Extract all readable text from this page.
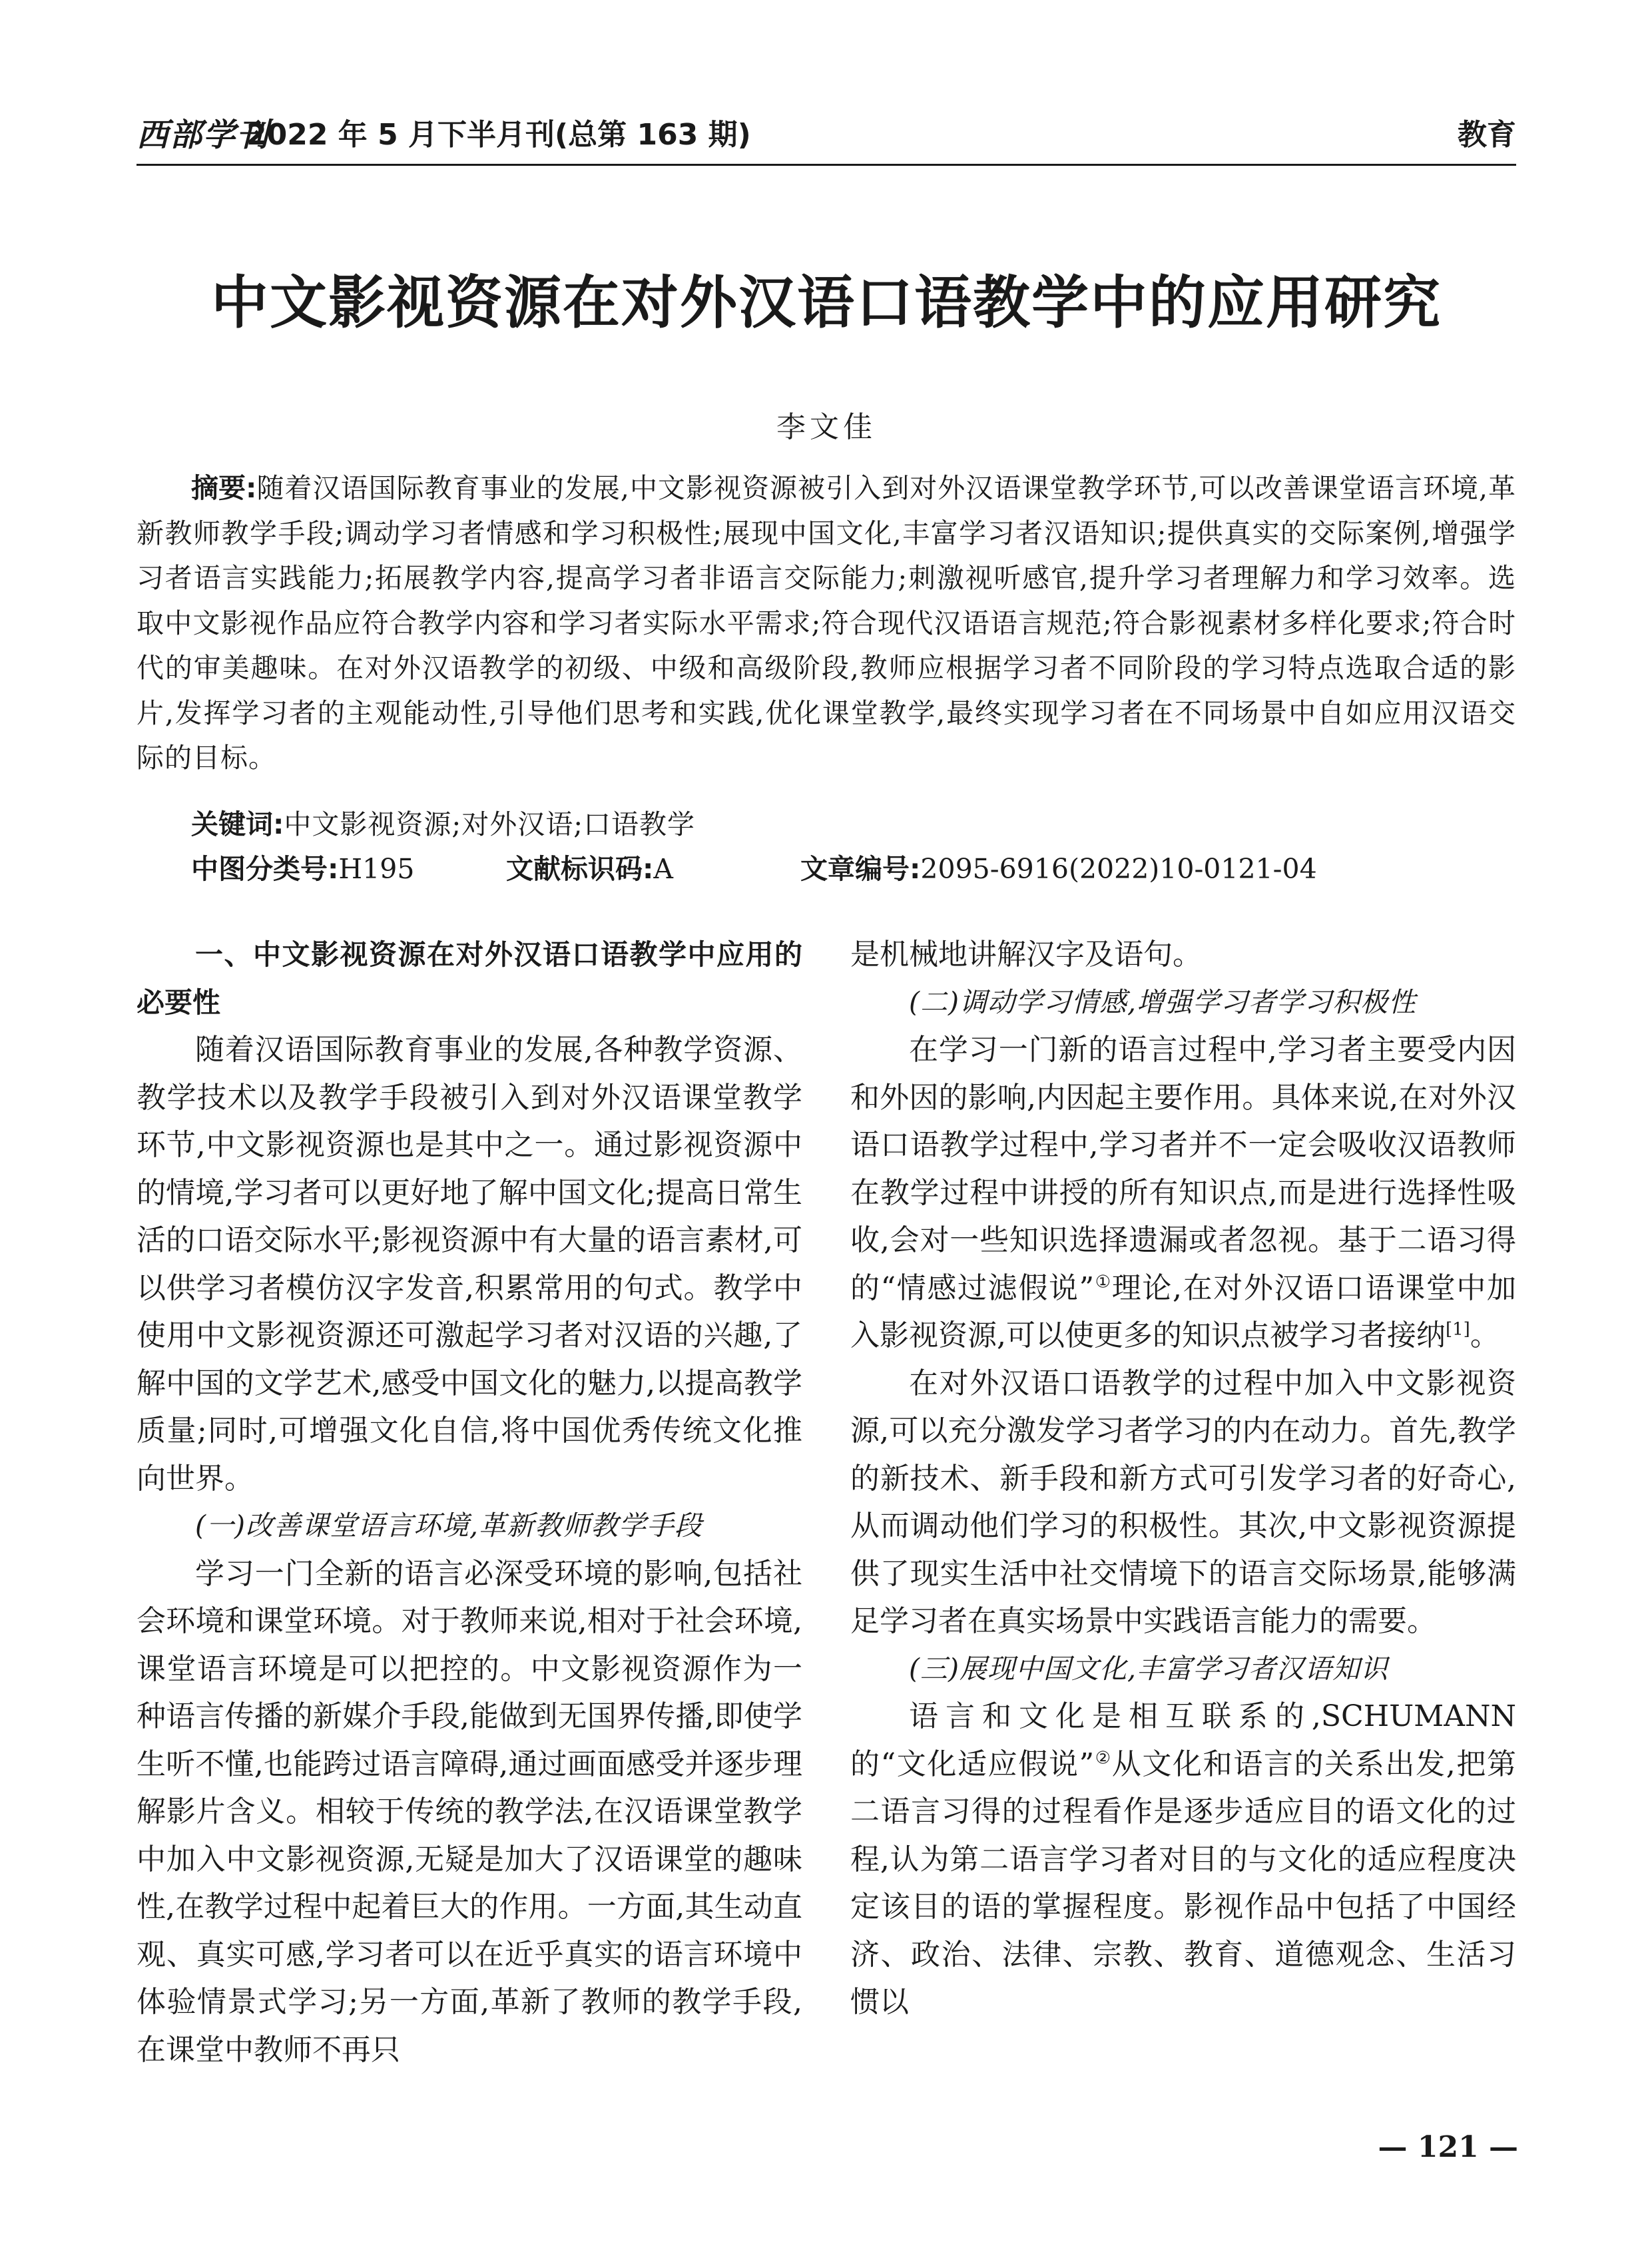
西部学刊
2022 年 5 月下半月刊(总第 163 期)	教育
中文影视资源在对外汉语口语教学中的应用研究
李文佳
摘要:随着汉语国际教育事业的发展,中文影视资源被引入到对外汉语课堂教学环节,可以改善课堂语言环境,革新教师教学手段;调动学习者情感和学习积极性;展现中国文化,丰富学习者汉语知识;提供真实的交际案例,增强学习者语言实践能力;拓展教学内容,提高学习者非语言交际能力;刺激视听感官,提升学习者理解力和学习效率。选取中文影视作品应符合教学内容和学习者实际水平需求;符合现代汉语语言规范;符合影视素材多样化要求;符合时代的审美趣味。在对外汉语教学的初级、中级和高级阶段,教师应根据学习者不同阶段的学习特点选取合适的影片,发挥学习者的主观能动性,引导他们思考和实践,优化课堂教学,最终实现学习者在不同场景中自如应用汉语交际的目标。
关键词:中文影视资源;对外汉语;口语教学
中图分类号:H195	文献标识码:A	文章编号:2095-6916(2022)10-0121-04
一、中文影视资源在对外汉语口语教学中应用的必要性

随着汉语国际教育事业的发展,各种教学资源、教学技术以及教学手段被引入到对外汉语课堂教学环节,中文影视资源也是其中之一。通过影视资源中的情境,学习者可以更好地了解中国文化;提高日常生活的口语交际水平;影视资源中有大量的语言素材,可以供学习者模仿汉字发音,积累常用的句式。教学中使用中文影视资源还可激起学习者对汉语的兴趣,了解中国的文学艺术,感受中国文化的魅力,以提高教学质量;同时,可增强文化自信,将中国优秀传统文化推向世界。

(一)改善课堂语言环境,革新教师教学手段

学习一门全新的语言必深受环境的影响,包括社会环境和课堂环境。对于教师来说,相对于社会环境,课堂语言环境是可以把控的。中文影视资源作为一种语言传播的新媒介手段,能做到无国界传播,即使学生听不懂,也能跨过语言障碍,通过画面感受并逐步理解影片含义。相较于传统的教学法,在汉语课堂教学中加入中文影视资源,无疑是加大了汉语课堂的趣味性,在教学过程中起着巨大的作用。一方面,其生动直观、真实可感,学习者可以在近乎真实的语言环境中体验情景式学习;另一方面,革新了教师的教学手段,在课堂中教师不再只

是机械地讲解汉字及语句。

(二)调动学习情感,增强学习者学习积极性

在学习一门新的语言过程中,学习者主要受内因和外因的影响,内因起主要作用。具体来说,在对外汉语口语教学过程中,学习者并不一定会吸收汉语教师在教学过程中讲授的所有知识点,而是进行选择性吸收,会对一些知识选择遗漏或者忽视。基于二语习得的“情感过滤假说”①理论,在对外汉语口语课堂中加入影视资源,可以使更多的知识点被学习者接纳[1]。

在对外汉语口语教学的过程中加入中文影视资源,可以充分激发学习者学习的内在动力。首先,教学的新技术、新手段和新方式可引发学习者的好奇心,从而调动他们学习的积极性。其次,中文影视资源提供了现实生活中社交情境下的语言交际场景,能够满足学习者在真实场景中实践语言能力的需要。

(三)展现中国文化,丰富学习者汉语知识

语言和文化是相互联系的,SCHUMANN 的“文化适应假说”②从文化和语言的关系出发,把第二语言习得的过程看作是逐步适应目的语文化的过程,认为第二语言学习者对目的与文化的适应程度决定该目的语的掌握程度。影视作品中包括了中国经济、政治、法律、宗教、教育、道德观念、生活习惯以

— 121 —
